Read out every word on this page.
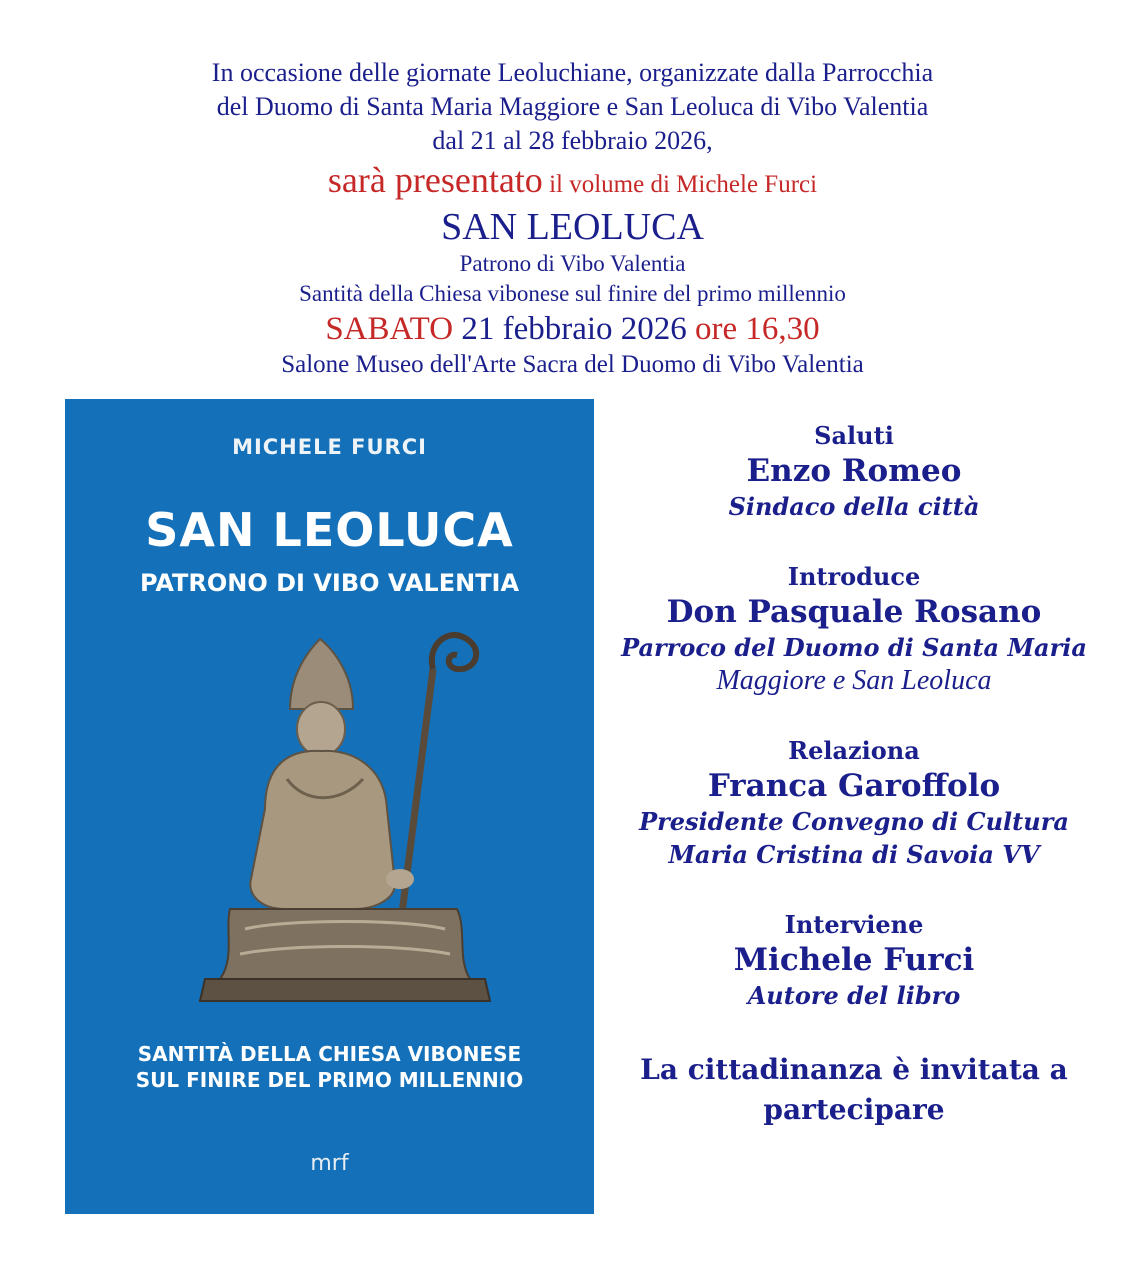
In occasione delle giornate Leoluchiane, organizzate dalla Parrocchia
del Duomo di Santa Maria Maggiore e San Leoluca di Vibo Valentia
dal 21 al 28 febbraio 2026,
sarà presentato il volume di Michele Furci
SAN LEOLUCA
Patrono di Vibo Valentia
Santità della Chiesa vibonese sul finire del primo millennio
SABATO 21 febbraio 2026 ore 16,30
Salone Museo dell'Arte Sacra del Duomo di Vibo Valentia
MICHELE FURCI
SAN LEOLUCA
PATRONO DI VIBO VALENTIA
SANTITÀ DELLA CHIESA VIBONESE
SUL FINIRE DEL PRIMO MILLENNIO
mrf
Saluti
Enzo Romeo
Sindaco della città
Introduce
Don Pasquale Rosano
Parroco del Duomo di Santa Maria
Maggiore e San Leoluca
Relaziona
Franca Garoffolo
Presidente Convegno di Cultura
Maria Cristina di Savoia VV
Interviene
Michele Furci
Autore del libro
La cittadinanza è invitata a
partecipare
